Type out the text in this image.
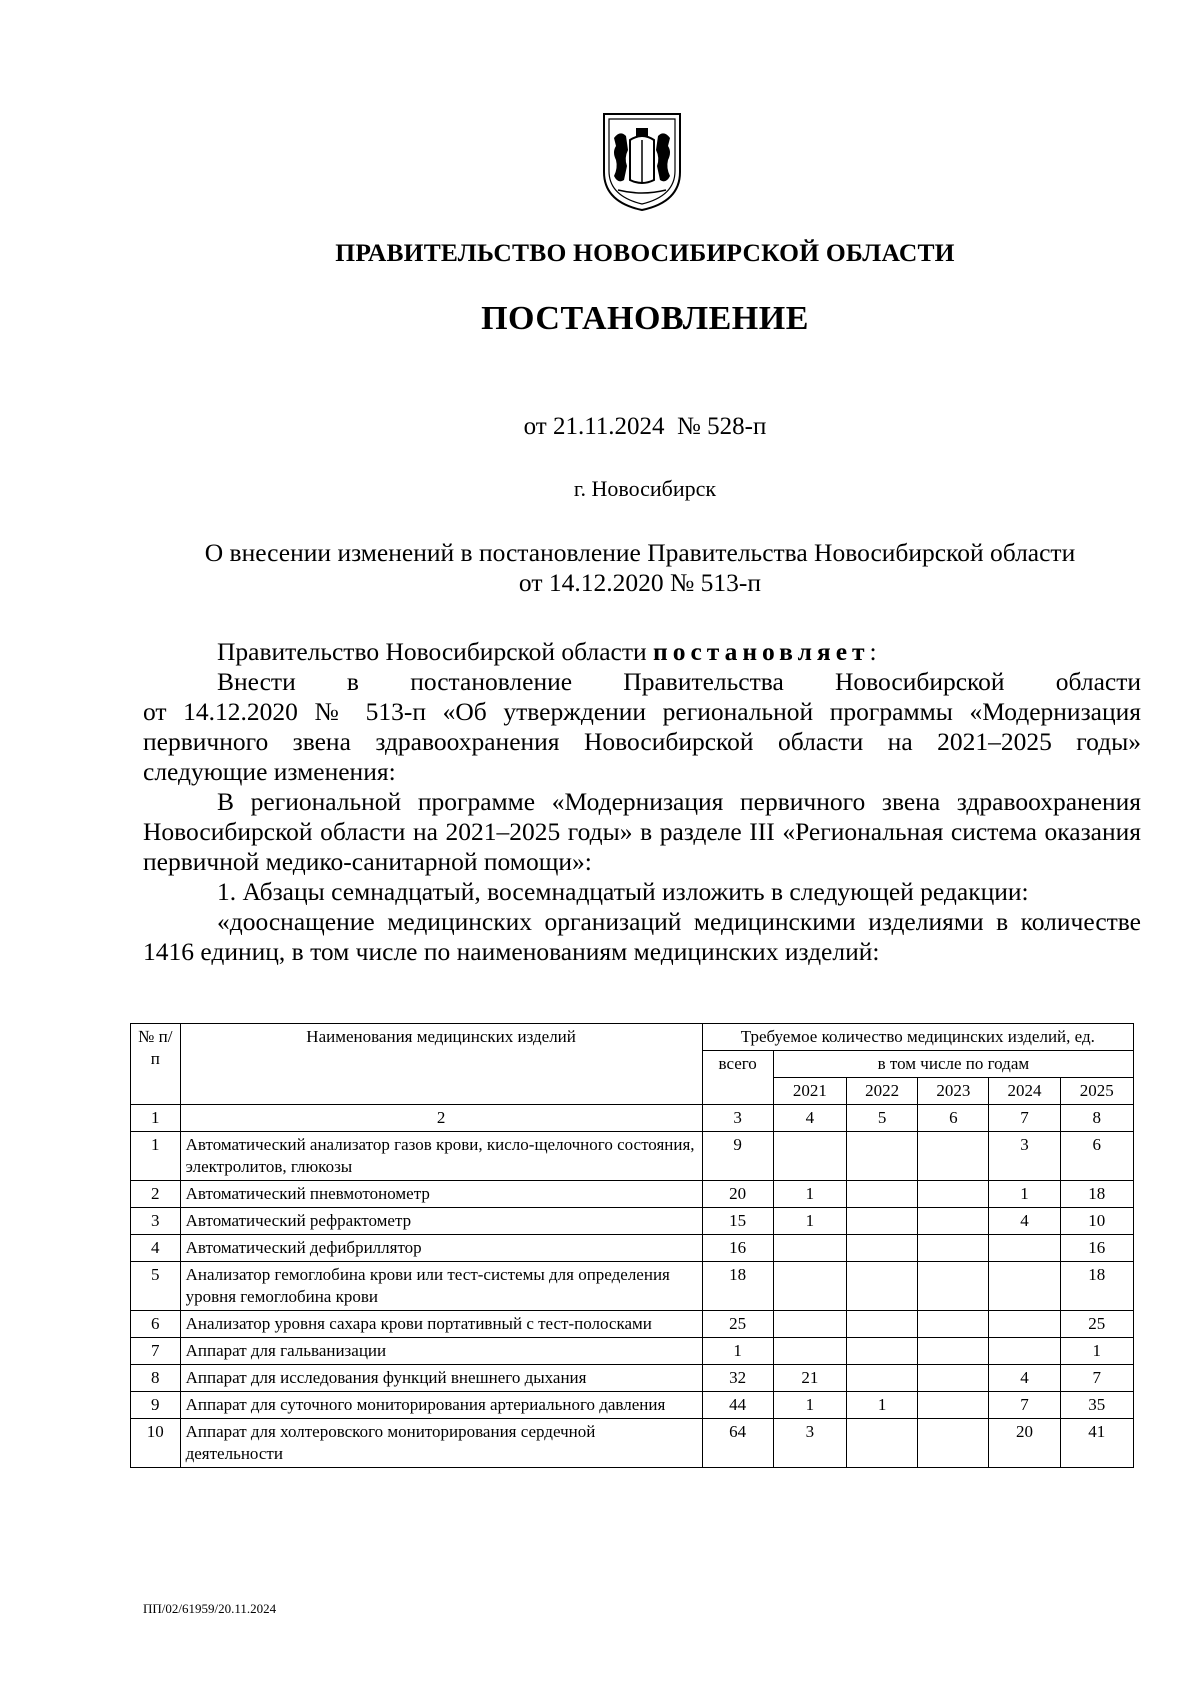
ПРАВИТЕЛЬСТВО НОВОСИБИРСКОЙ ОБЛАСТИ
ПОСТАНОВЛЕНИЕ
от 21.11.2024  № 528-п
г. Новосибирск
О внесении изменений в постановление Правительства Новосибирской области
от 14.12.2020 № 513-п

Правительство Новосибирской области постановляет:

Внести в постановление Правительства Новосибирской области

от 14.12.2020 № 513-п «Об утверждении региональной программы «Модернизация первичного звена здравоохранения Новосибирской области на 2021–2025 годы» следующие изменения:

В региональной программе «Модернизация первичного звена здравоохранения Новосибирской области на 2021–2025 годы» в разделе III «Региональная система оказания первичной медико-санитарной помощи»:

1. Абзацы семнадцатый, восемнадцатый изложить в следующей редакции:

«дооснащение медицинских организаций медицинскими изделиями в количестве 1416 единиц, в том числе по наименованиям медицинских изделий:

№ п/п	Наименования медицинских изделий	Требуемое количество медицинских изделий, ед.					
		всего	в том числе по годам				
			2021	2022	2023	2024	2025
1	2	3	4	5	6	7	8
1	Автоматический анализатор газов крови, кисло-щелочного состояния, электролитов, глюкозы	9				3	6
2	Автоматический пневмотонометр	20	1			1	18
3	Автоматический рефрактометр	15	1			4	10
4	Автоматический дефибриллятор	16					16
5	Анализатор гемоглобина крови или тест-системы для определения уровня гемоглобина крови	18					18
6	Анализатор уровня сахара крови портативный с тест-полосками	25					25
7	Аппарат для гальванизации	1					1
8	Аппарат для исследования функций внешнего дыхания	32	21			4	7
9	Аппарат для суточного мониторирования артериального давления	44	1	1		7	35
10	Аппарат для холтеровского мониторирования сердечной деятельности	64	3			20	41
ПП/02/61959/20.11.2024
